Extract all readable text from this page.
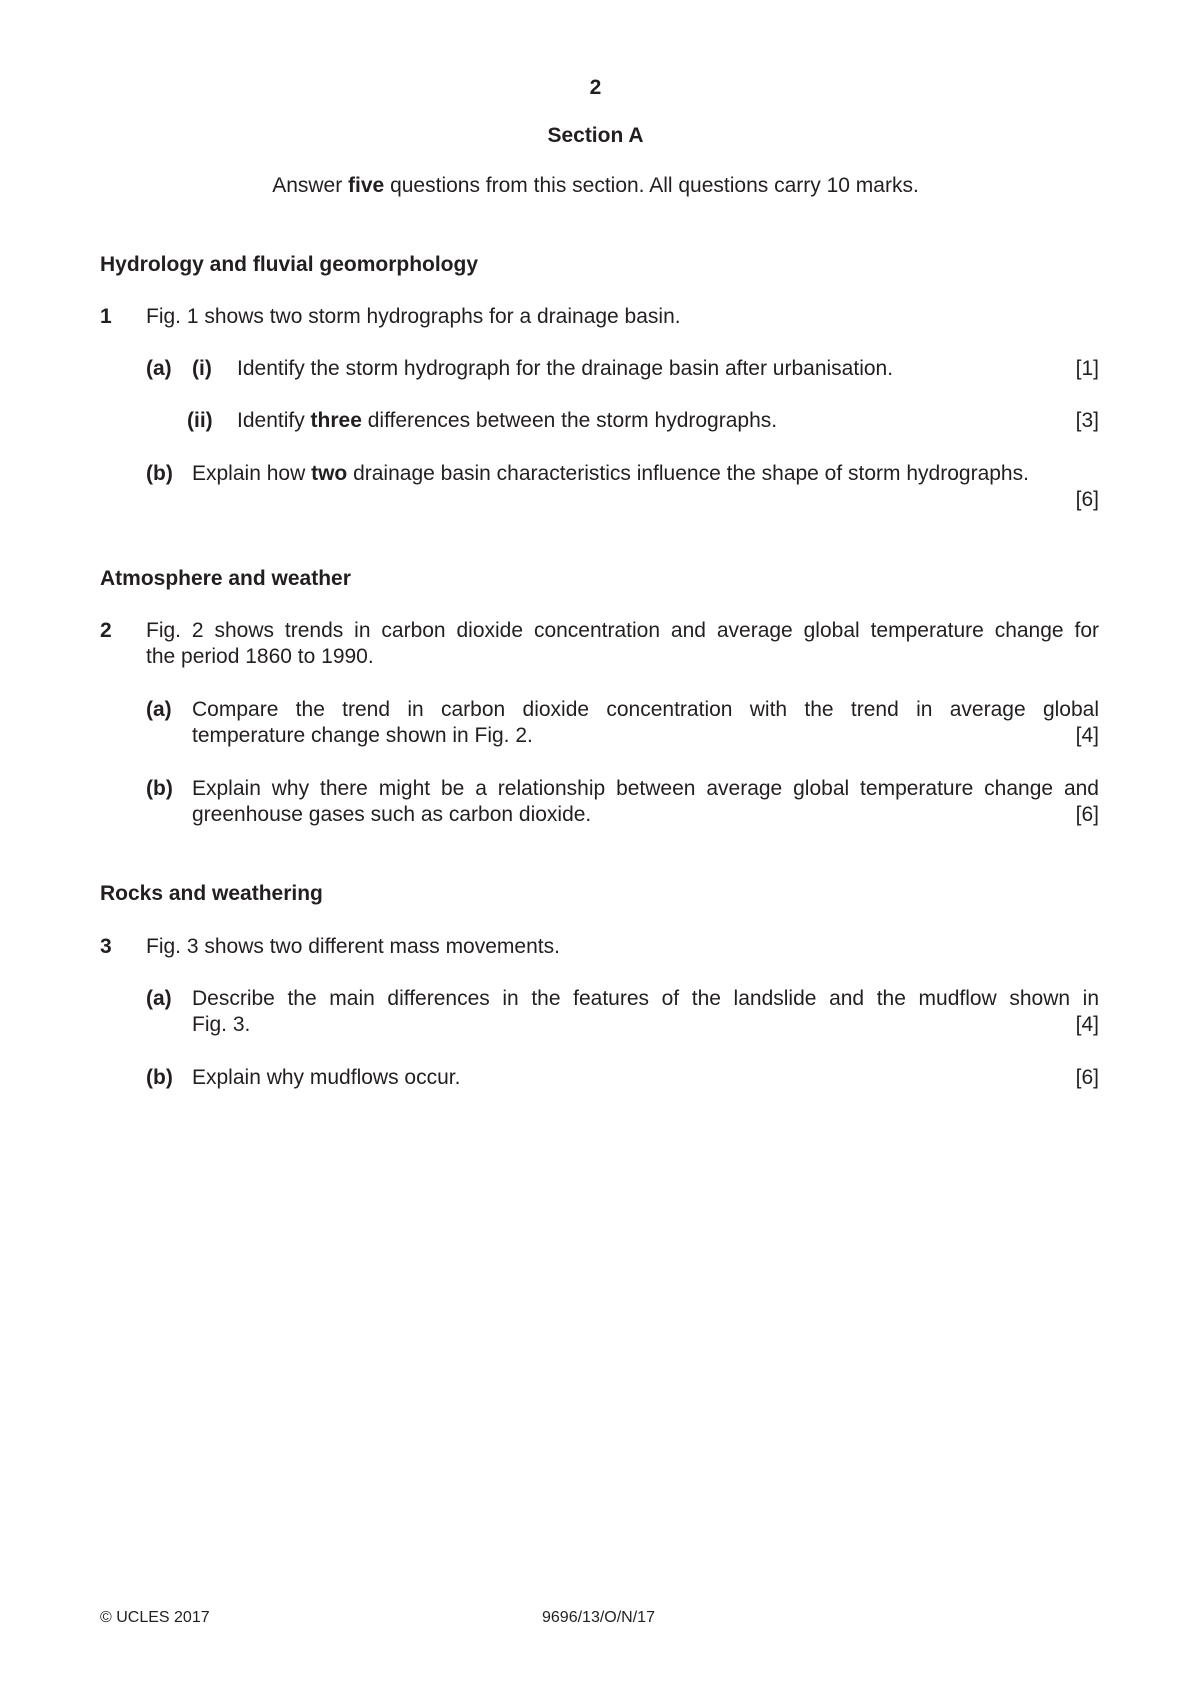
2
Section A
Answer five questions from this section. All questions carry 10 marks.
Hydrology and fluvial geomorphology
1 Fig. 1 shows two storm hydrographs for a drainage basin.
(a) (i) Identify the storm hydrograph for the drainage basin after urbanisation.	[1]
(ii) Identify three differences between the storm hydrographs.	[3]
(b) Explain how two drainage basin characteristics influence the shape of storm hydrographs.
[6]
Atmosphere and weather
2 Fig. 2 shows trends in carbon dioxide concentration and average global temperature change for
the period 1860 to 1990.
(a) Compare the trend in carbon dioxide concentration with the trend in average global
temperature change shown in Fig. 2.	[4]
(b) Explain why there might be a relationship between average global temperature change and
greenhouse gases such as carbon dioxide.	[6]
Rocks and weathering
3 Fig. 3 shows two different mass movements.
(a) Describe the main differences in the features of the landslide and the mudflow shown in
Fig. 3.	[4]
(b) Explain why mudflows occur.	[6]
© UCLES 2017	9696/13/O/N/17
